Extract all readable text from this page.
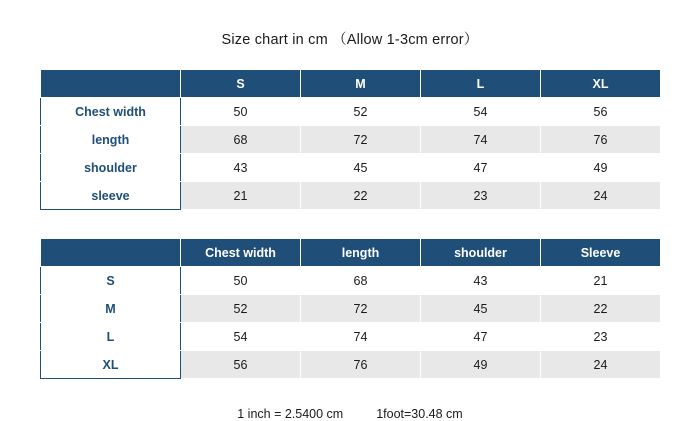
Size chart in cm （Allow 1-3cm error）
	S	M	L	XL
Chest width	50	52	54	56
length	68	72	74	76
shoulder	43	45	47	49
sleeve	21	22	23	24
	Chest width	length	shoulder	Sleeve
S	50	68	43	21
M	52	72	45	22
L	54	74	47	23
XL	56	76	49	24
1 inch = 2.5400 cm	1foot=30.48 cm
